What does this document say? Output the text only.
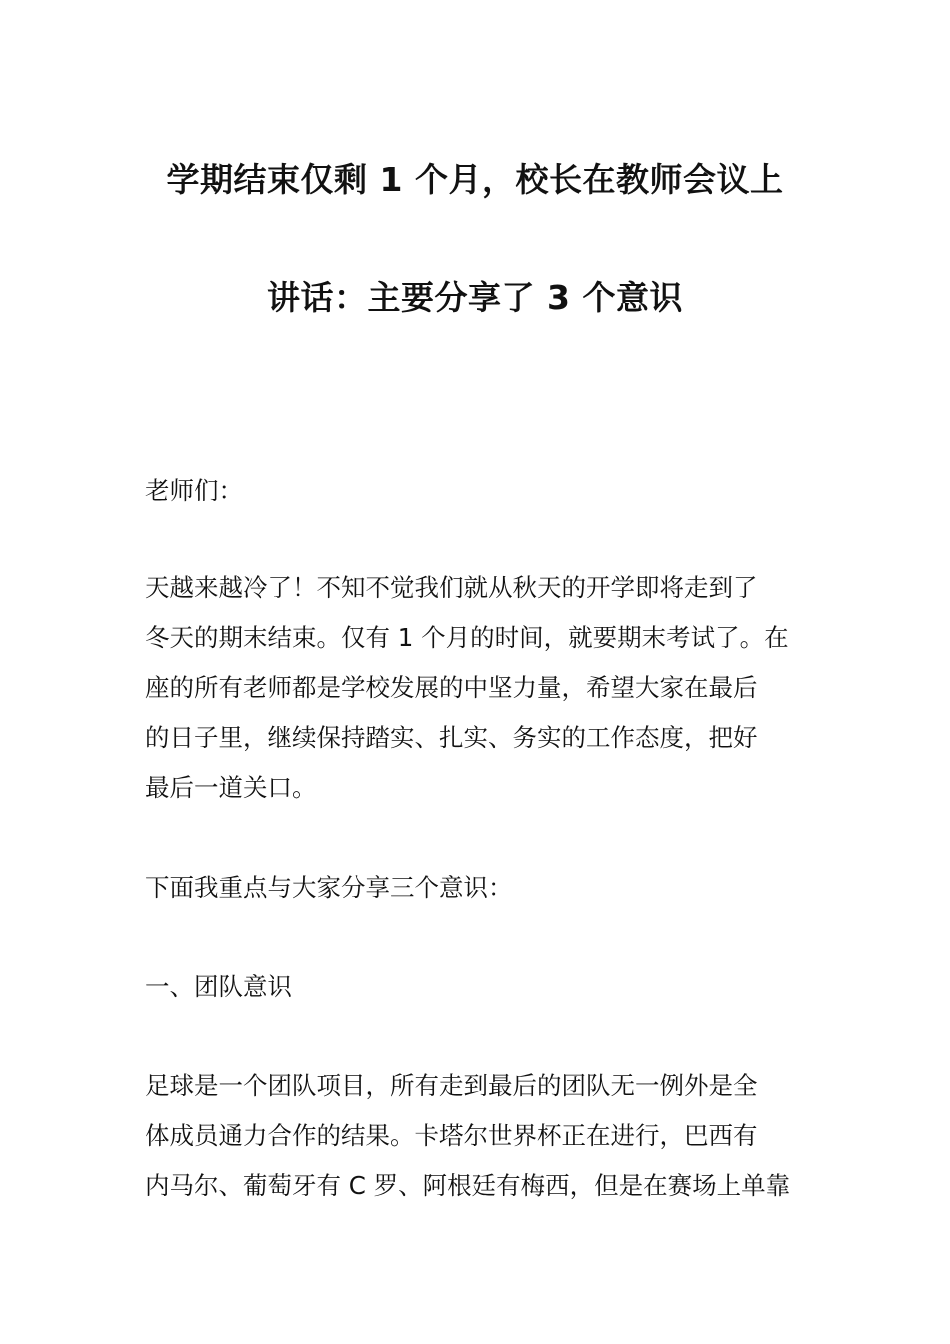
学期结束仅剩 1 个月，校长在教师会议上
讲话：主要分享了 3 个意识
老师们：
天越来越冷了！不知不觉我们就从秋天的开学即将走到了
冬天的期末结束。仅有 1 个月的时间，就要期末考试了。在
座的所有老师都是学校发展的中坚力量，希望大家在最后
的日子里，继续保持踏实、扎实、务实的工作态度，把好
最后一道关口。
下面我重点与大家分享三个意识：
一、团队意识
足球是一个团队项目，所有走到最后的团队无一例外是全
体成员通力合作的结果。卡塔尔世界杯正在进行，巴西有
内马尔、葡萄牙有 C 罗、阿根廷有梅西，但是在赛场上单靠
